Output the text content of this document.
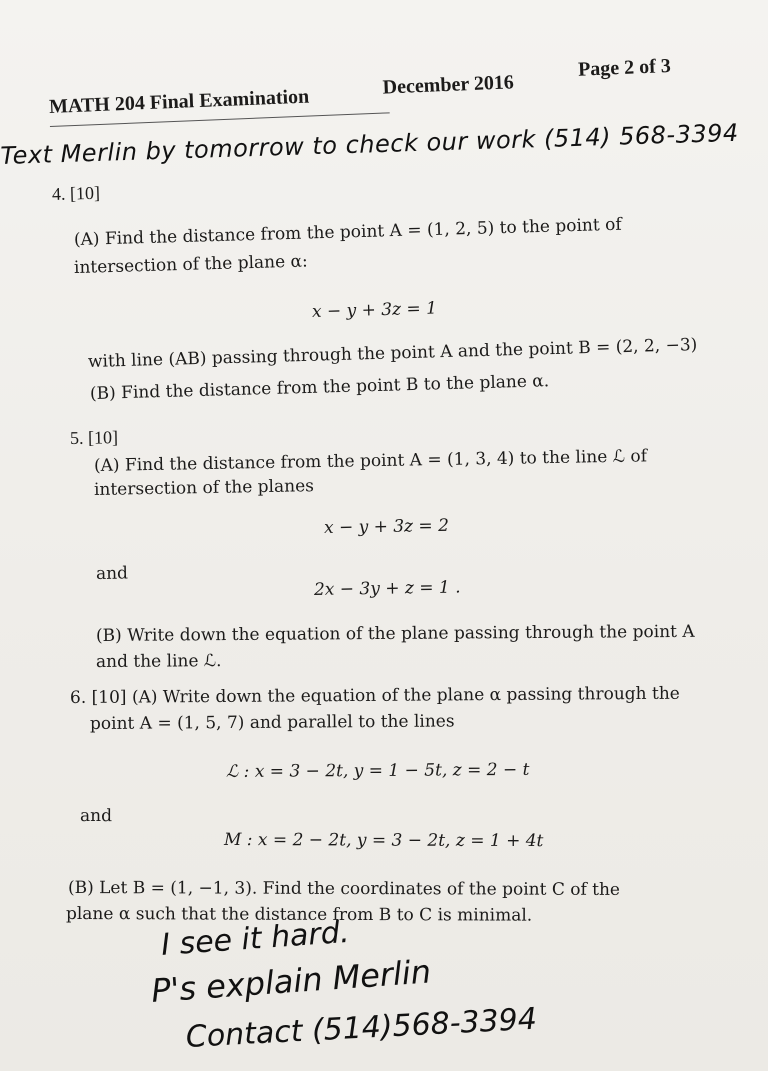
MATH 204 Final Examination
December 2016
Page 2 of 3
Text Merlin by tomorrow to check our work (514) 568-3394
4. [10]
(A) Find the distance from the point A = (1, 2, 5) to the point of
intersection of the plane α:
x − y + 3z = 1
with line (AB) passing through the point A and the point B = (2, 2, −3)
(B) Find the distance from the point B to the plane α.
5. [10]
(A) Find the distance from the point A = (1, 3, 4) to the line ℒ of
intersection of the planes
x − y + 3z = 2
and
2x − 3y + z = 1 .
(B) Write down the equation of the plane passing through the point A
and the line ℒ.
6. [10] (A) Write down the equation of the plane α passing through the
point A = (1, 5, 7) and parallel to the lines
ℒ : x = 3 − 2t, y = 1 − 5t, z = 2 − t
and
M : x = 2 − 2t, y = 3 − 2t, z = 1 + 4t
(B) Let B = (1, −1, 3). Find the coordinates of the point C of the
plane α such that the distance from B to C is minimal.
I see it hard.
P's explain Merlin
Contact (514)568-3394
